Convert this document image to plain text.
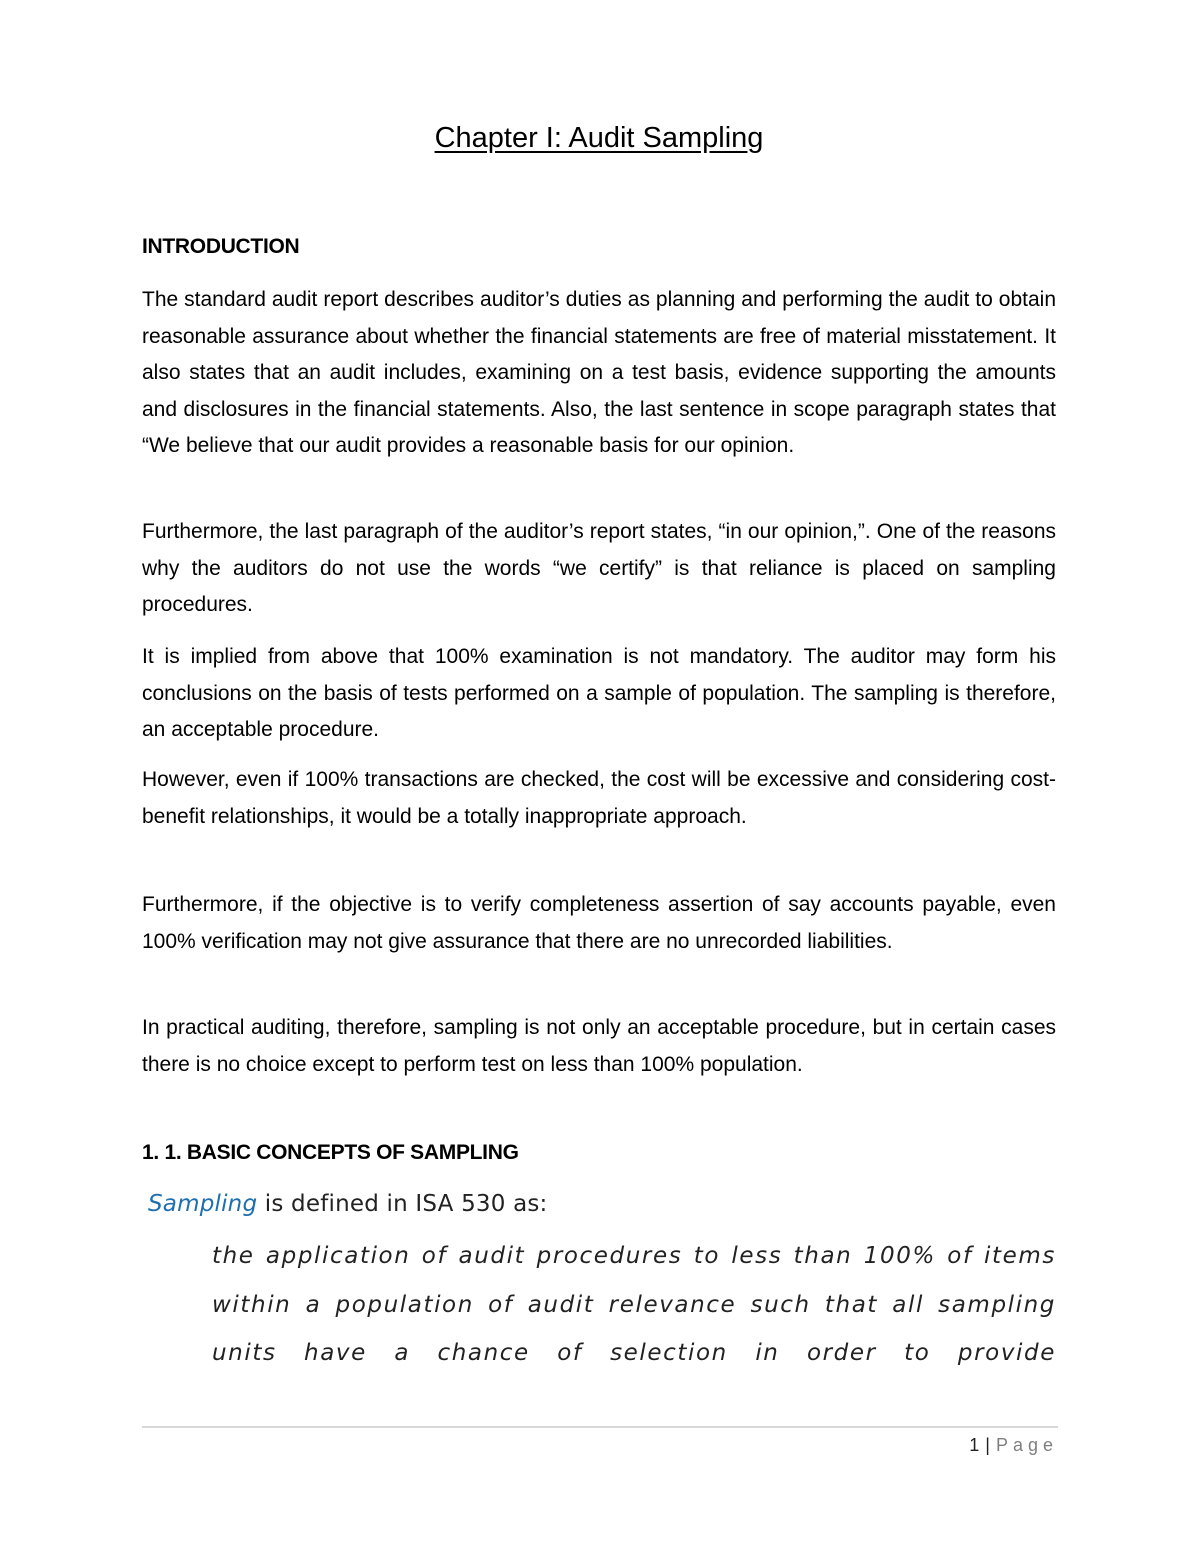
Chapter I: Audit Sampling
INTRODUCTION

The standard audit report describes auditor’s duties as planning and performing the audit to obtain reasonable assurance about whether the financial statements are free of material misstatement. It also states that an audit includes, examining on a test basis, evidence supporting the amounts and disclosures in the financial statements. Also, the last sentence in scope paragraph states that “We believe that our audit provides a reasonable basis for our opinion.

Furthermore, the last paragraph of the auditor’s report states, “in our opinion,”. One of the reasons why the auditors do not use the words “we certify” is that reliance is placed on sampling procedures.

It is implied from above that 100% examination is not mandatory. The auditor may form his conclusions on the basis of tests performed on a sample of population. The sampling is therefore, an acceptable procedure.

However, even if 100% transactions are checked, the cost will be excessive and considering cost-benefit relationships, it would be a totally inappropriate approach.

Furthermore, if the objective is to verify completeness assertion of say accounts payable, even 100% verification may not give assurance that there are no unrecorded liabilities.

In practical auditing, therefore, sampling is not only an acceptable procedure, but in certain cases there is no choice except to perform test on less than 100% population.

1. 1. BASIC CONCEPTS OF SAMPLING

Sampling is defined in ISA 530 as:

the application of audit procedures to less than 100% of items within a population of audit relevance such that all sampling units have a chance of selection in order to provide

1 | Page
